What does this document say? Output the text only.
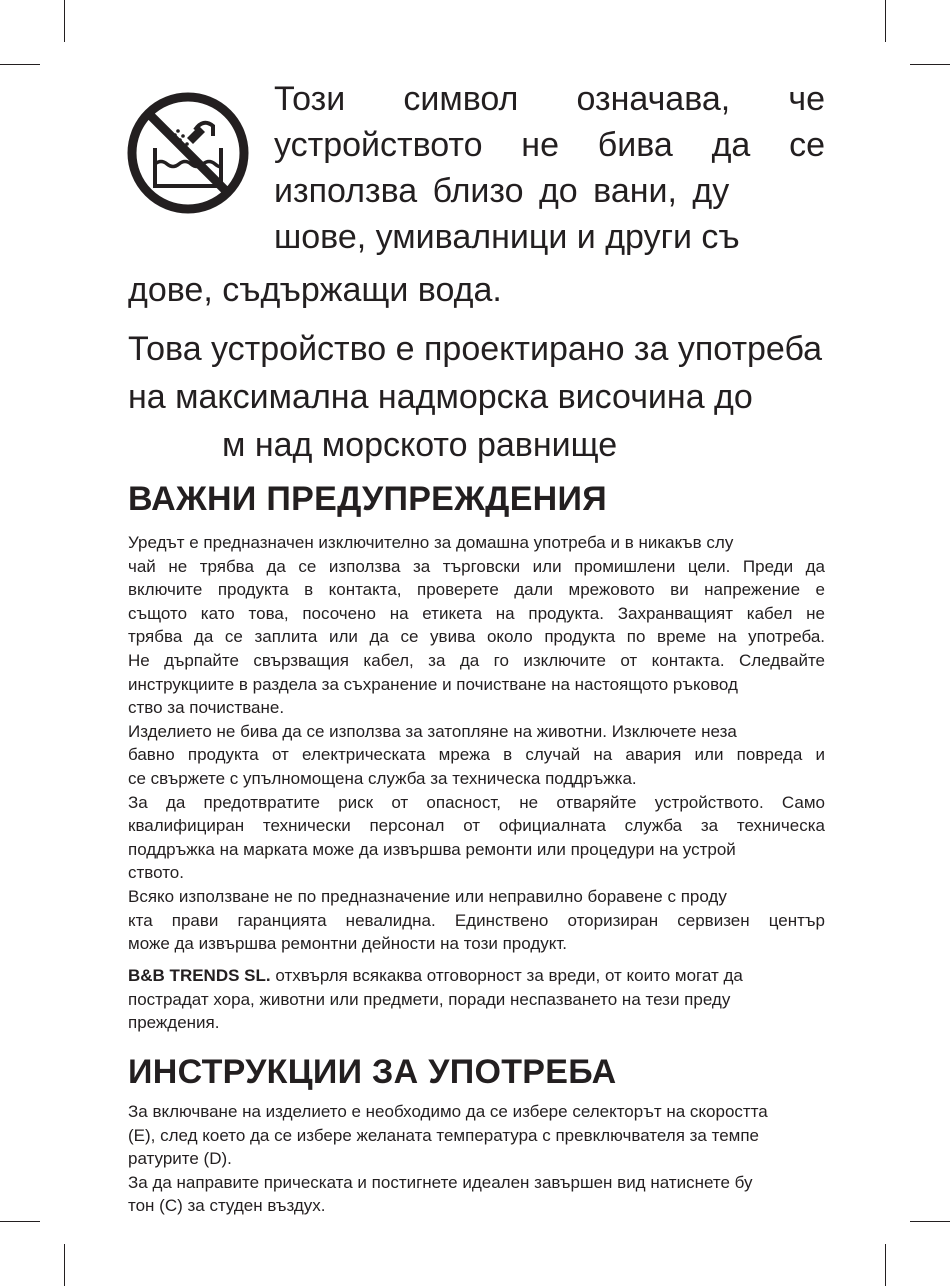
Този символ означава, че
устройството не бива да се
използва близо до вани, ду
шове, умивалници и други съ
дове, съдържащи вода.
Това устройство е проектирано за употреба
на максимална надморска височина до
м над морското равнище
ВАЖНИ ПРЕДУПРЕЖДЕНИЯ
Уредът е предназначен изключително за домашна употреба и в никакъв слу
чай не трябва да се използва за търговски или промишлени цели. Преди да
включите продукта в контакта, проверете дали мрежовото ви напрежение е
същото като това, посочено на етикета на продукта. Захранващият кабел не
трябва да се заплита или да се увива около продукта по време на употреба.
Не дърпайте свързващия кабел, за да го изключите от контакта. Следвайте
инструкциите в раздела за съхранение и почистване на настоящото ръковод
ство за почистване.
Изделието не бива да се използва за затопляне на животни. Изключете неза
бавно продукта от електрическата мрежа в случай на авария или повреда и
се свържете с упълномощена служба за техническа поддръжка.
За да предотвратите риск от опасност, не отваряйте устройството. Само
квалифициран технически персонал от официалната служба за техническа
поддръжка на марката може да извършва ремонти или процедури на устрой
ството.
Всяко използване не по предназначение или неправилно боравене с проду
кта прави гаранцията невалидна. Единствено оторизиран сервизен център
може да извършва ремонтни дейности на този продукт.
B&B TRENDS SL. отхвърля всякаква отговорност за вреди, от които могат да
пострадат хора, животни или предмети, поради неспазването на тези преду
преждения.
ИНСТРУКЦИИ ЗА УПОТРЕБА
За включване на изделието е необходимо да се избере селекторът на скоростта
(Е), след което да се избере желаната температура с превключвателя за темпе
ратурите (D).
За да направите прическата и постигнете идеален завършен вид натиснете бу
тон (С) за студен въздух.
